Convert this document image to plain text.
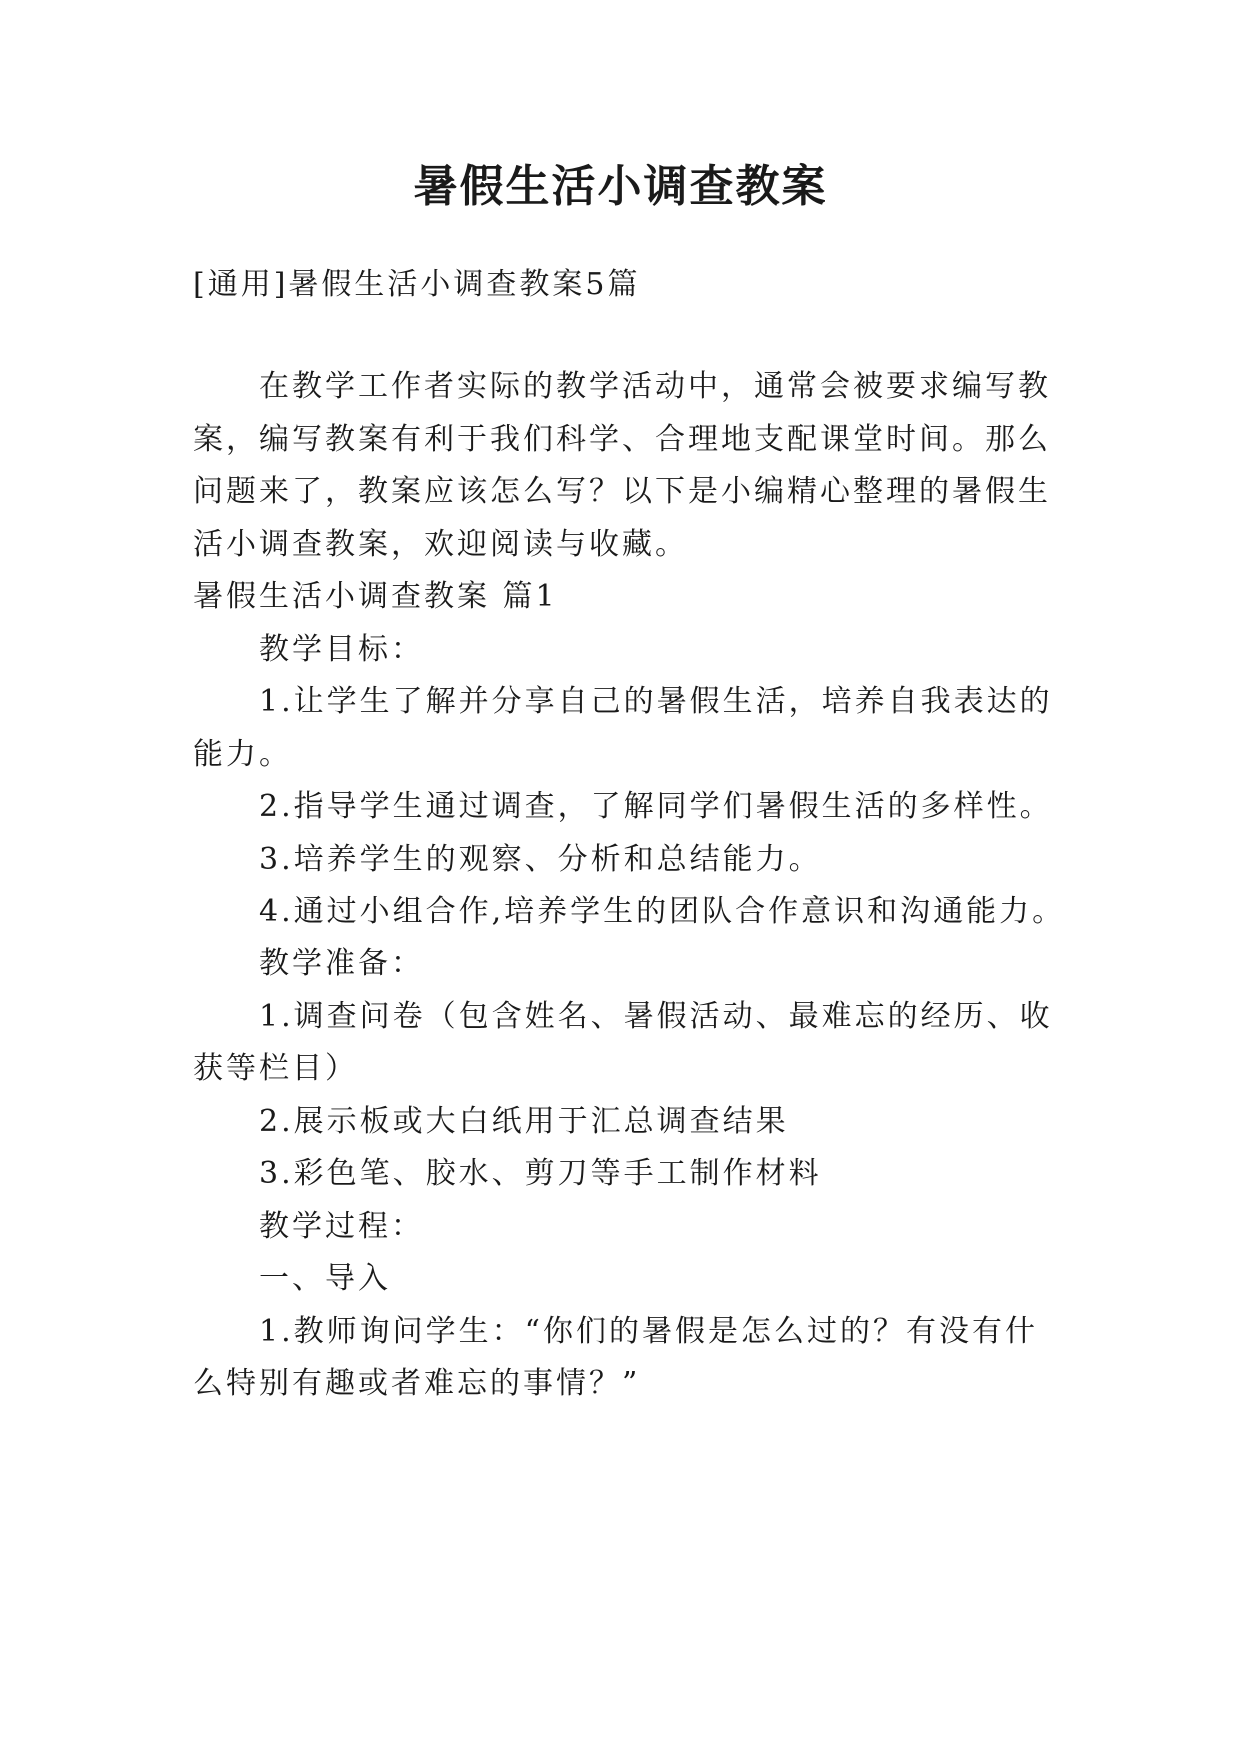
暑假生活小调查教案
[通用]暑假生活小调查教案5篇
在教学工作者实际的教学活动中，通常会被要求编写教
案，编写教案有利于我们科学、合理地支配课堂时间。那么
问题来了，教案应该怎么写？以下是小编精心整理的暑假生
活小调查教案，欢迎阅读与收藏。
暑假生活小调查教案 篇1
教学目标：
1.让学生了解并分享自己的暑假生活，培养自我表达的
能力。
2.指导学生通过调查，了解同学们暑假生活的多样性。
3.培养学生的观察、分析和总结能力。
4.通过小组合作,培养学生的团队合作意识和沟通能力。
教学准备：
1.调查问卷（包含姓名、暑假活动、最难忘的经历、收
获等栏目）
2.展示板或大白纸用于汇总调查结果
3.彩色笔、胶水、剪刀等手工制作材料
教学过程：
一、导入
1.教师询问学生：“你们的暑假是怎么过的？有没有什
么特别有趣或者难忘的事情？”
